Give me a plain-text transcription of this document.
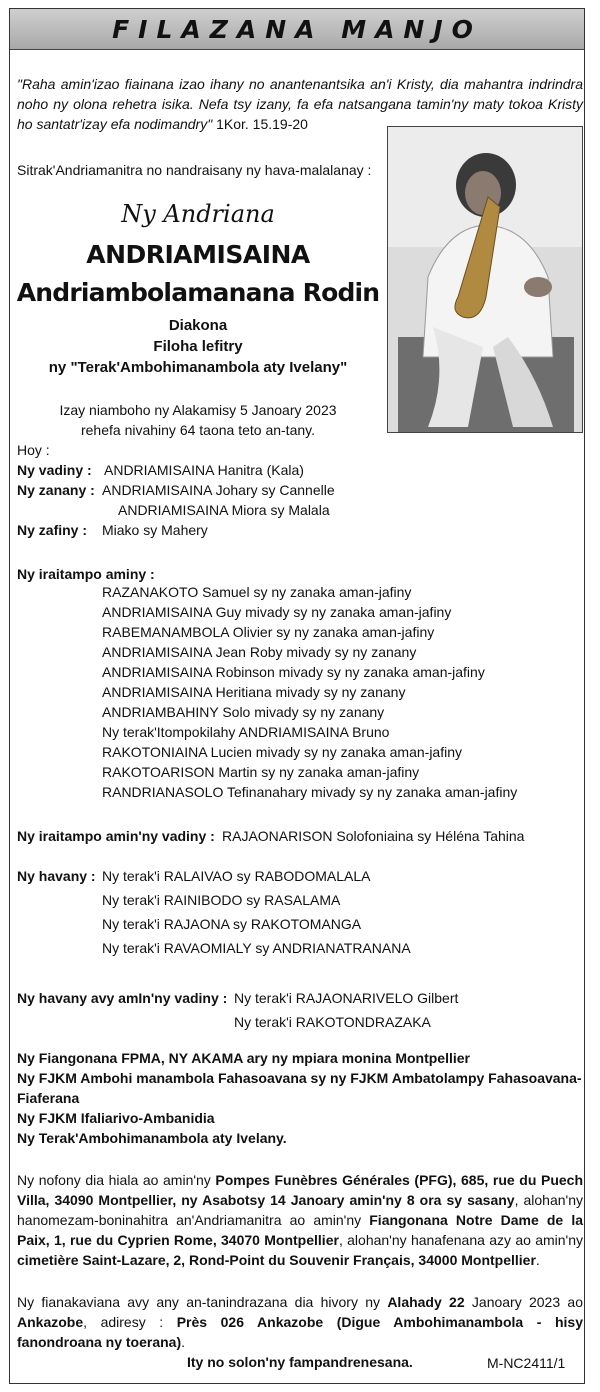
FILAZANA MANJO
"Raha amin'izao fiainana izao ihany no anantenantsika an'i Kristy, dia mahantra indrindra noho ny olona rehetra isika. Nefa tsy izany, fa efa natsangana tamin'ny maty tokoa Kristy ho santatr'izay efa nodimandry" 1Kor. 15.19-20
Sitrak'Andriamanitra no nandraisany ny hava-malalanay :
Ny Andriana
ANDRIAMISAINA
Andriambolamanana Rodin
Diakona
Filoha lefitry
ny "Terak'Ambohimanambola aty Ivelany"
Izay niamboho ny Alakamisy 5 Janoary 2023
rehefa nivahiny 64 taona teto an-tany.
Hoy :
Ny vadiny : ANDRIAMISAINA Hanitra (Kala)
Ny zanany : ANDRIAMISAINA Johary sy Cannelle
ANDRIAMISAINA Miora sy Malala
Ny zafiny : Miako sy Mahery
Ny iraitampo aminy :
RAZANAKOTO Samuel sy ny zanaka aman-jafiny
ANDRIAMISAINA Guy mivady sy ny zanaka aman-jafiny
RABEMANAMBOLA Olivier sy ny zanaka aman-jafiny
ANDRIAMISAINA Jean Roby mivady sy ny zanany
ANDRIAMISAINA Robinson mivady sy ny zanaka aman-jafiny
ANDRIAMISAINA Heritiana mivady sy ny zanany
ANDRIAMBAHINY Solo mivady sy ny zanany
Ny terak'Itompokilahy ANDRIAMISAINA Bruno
RAKOTONIAINA Lucien mivady sy ny zanaka aman-jafiny
RAKOTOARISON Martin sy ny zanaka aman-jafiny
RANDRIANASOLO Tefinanahary mivady sy ny zanaka aman-jafiny
Ny iraitampo amin'ny vadiny : RAJAONARISON Solofoniaina sy Héléna Tahina
Ny havany : Ny terak'i RALAIVAO sy RABODOMALALA
Ny terak'i RAINIBODO sy RASALAMA
Ny terak'i RAJAONA sy RAKOTOMANGA
Ny terak'i RAVAOMIALY sy ANDRIANATRANANA
Ny havany avy amIn'ny vadiny : Ny terak'i RAJAONARIVELO Gilbert
Ny terak'i RAKOTONDRAZAKA
Ny Fiangonana FPMA, NY AKAMA ary ny mpiara monina Montpellier
Ny FJKM Ambohi manambola Fahasoavana sy ny FJKM Ambatolampy Fahasoavana-
Fiaferana
Ny FJKM Ifaliarivo-Ambanidia
Ny Terak'Ambohimanambola aty Ivelany.
Ny nofony dia hiala ao amin'ny Pompes Funèbres Générales (PFG), 685, rue du Puech Villa, 34090 Montpellier, ny Asabotsy 14 Janoary amin'ny 8 ora sy sasany, alohan'ny hanomezam-boninahitra an'Andriamanitra ao amin'ny Fiangonana Notre Dame de la Paix, 1, rue du Cyprien Rome, 34070 Montpellier, alohan'ny hanafenana azy ao amin'ny cimetière Saint-Lazare, 2, Rond-Point du Souvenir Français, 34000 Montpellier.
Ny fianakaviana avy any an-tanindrazana dia hivory ny Alahady 22 Janoary 2023 ao Ankazobe, adiresy : Près 026 Ankazobe (Digue Ambohimanambola - hisy fanondroana ny toerana).
Ity no solon'ny fampandrenesana.	M-NC2411/1
